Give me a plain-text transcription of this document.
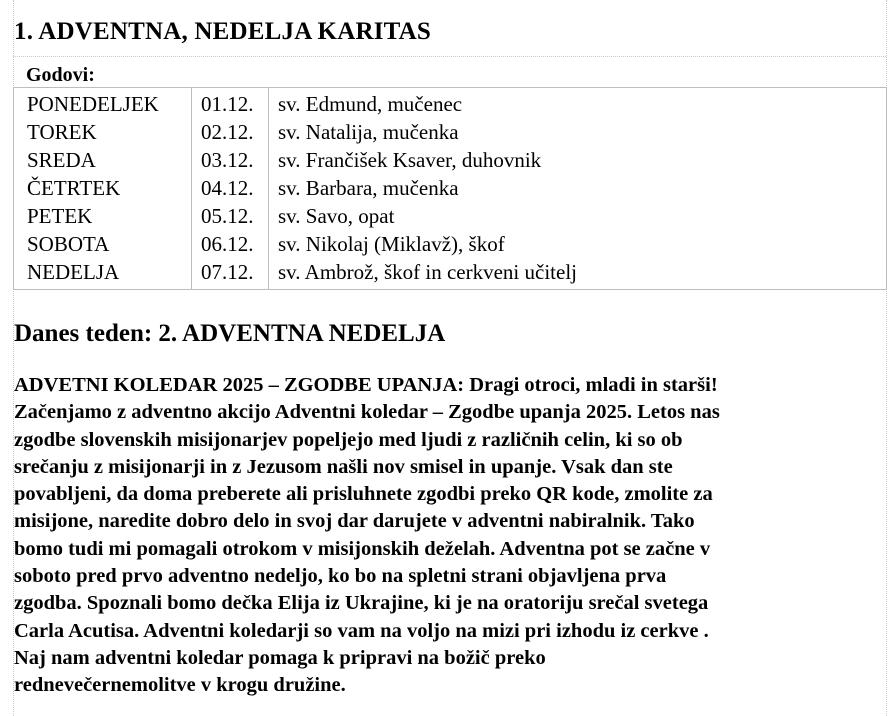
1. ADVENTNA, NEDELJA KARITAS
Godovi:
PONEDELJEK	01.12.	sv. Edmund, mučenec
TOREK	02.12.	sv. Natalija, mučenka
SREDA	03.12.	sv. Frančišek Ksaver, duhovnik
ČETRTEK	04.12.	sv. Barbara, mučenka
PETEK	05.12.	sv. Savo, opat
SOBOTA	06.12.	sv. Nikolaj (Miklavž), škof
NEDELJA	07.12.	sv. Ambrož, škof in cerkveni učitelj
Danes teden: 2. ADVENTNA NEDELJA

ADVETNI KOLEDAR 2025 – ZGODBE UPANJA: Dragi otroci, mladi in starši!
Začenjamo z adventno akcijo Adventni koledar – Zgodbe upanja 2025. Letos nas
zgodbe slovenskih misijonarjev popeljejo med ljudi z različnih celin, ki so ob
srečanju z misijonarji in z Jezusom našli nov smisel in upanje. Vsak dan ste
povabljeni, da doma preberete ali prisluhnete zgodbi preko QR kode, zmolite za
misijone, naredite dobro delo in svoj dar darujete v adventni nabiralnik. Tako
bomo tudi mi pomagali otrokom v misijonskih deželah. Adventna pot se začne v
soboto pred prvo adventno nedeljo, ko bo na spletni strani objavljena prva
zgodba. Spoznali bomo dečka Elija iz Ukrajine, ki je na oratoriju srečal svetega
Carla Acutisa. Adventni koledarji so vam na voljo na mizi pri izhodu iz cerkve .
Naj nam adventni koledar pomaga k pripravi na božič preko
rednevečernemolitve v krogu družine.
